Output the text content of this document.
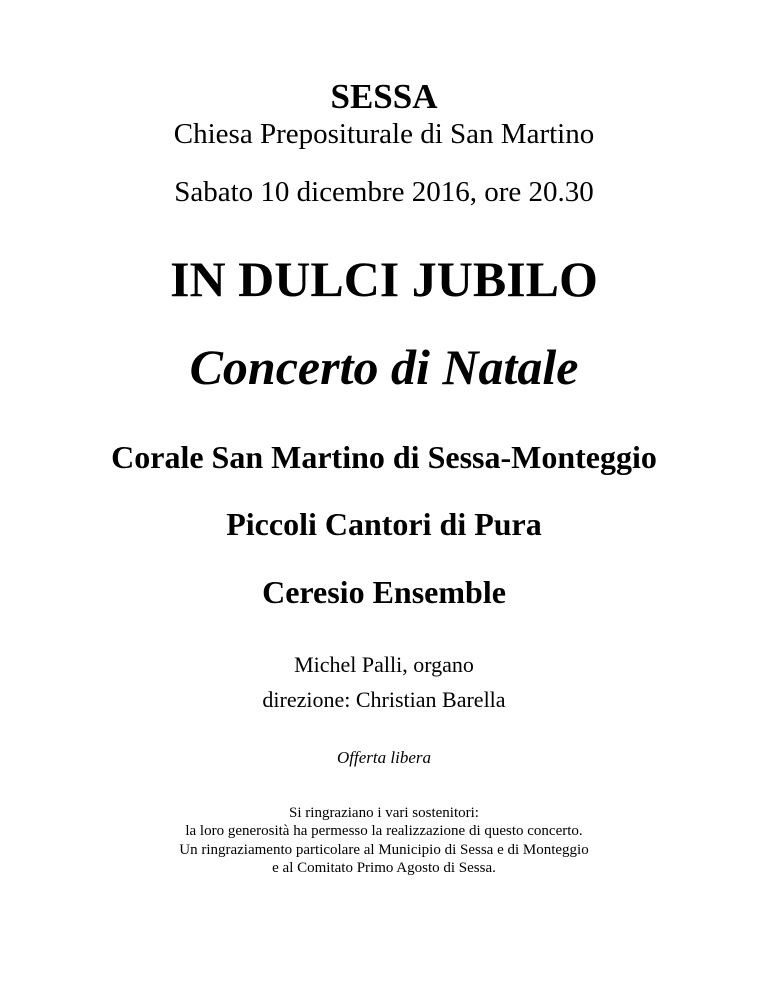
SESSA
Chiesa Prepositurale di San Martino
Sabato 10 dicembre 2016, ore 20.30
IN DULCI JUBILO
Concerto di Natale
Corale San Martino di Sessa-Monteggio
Piccoli Cantori di Pura
Ceresio Ensemble
Michel Palli, organo
direzione: Christian Barella
Offerta libera
Si ringraziano i vari sostenitori:
la loro generosità ha permesso la realizzazione di questo concerto.
Un ringraziamento particolare al Municipio di Sessa e di Monteggio
e al Comitato Primo Agosto di Sessa.
